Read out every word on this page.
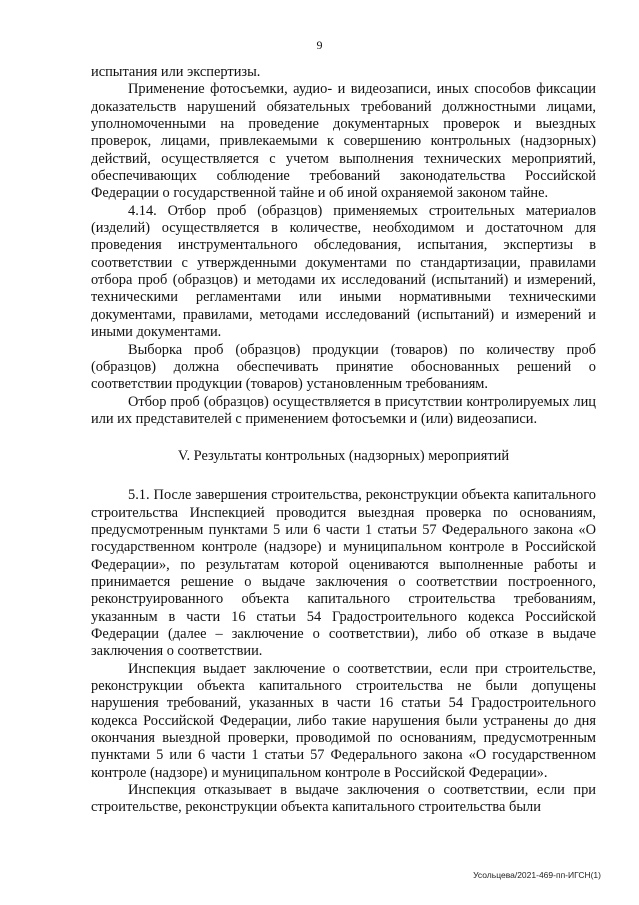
9

испытания или экспертизы.

Применение фотосъемки, аудио- и видеозаписи, иных способов фиксации доказательств нарушений обязательных требований должностными лицами, уполномоченными на проведение документарных проверок и выездных проверок, лицами, привлекаемыми к совершению контрольных (надзорных) действий, осуществляется с учетом выполнения технических мероприятий, обеспечивающих соблюдение требований законодательства Российской Федерации о государственной тайне и об иной охраняемой законом тайне.

4.14. Отбор проб (образцов) применяемых строительных материалов (изделий) осуществляется в количестве, необходимом и достаточном для проведения инструментального обследования, испытания, экспертизы в соответствии с утвержденными документами по стандартизации, правилами отбора проб (образцов) и методами их исследований (испытаний) и измерений, техническими регламентами или иными нормативными техническими документами, правилами, методами исследований (испытаний) и измерений и иными документами.

Выборка проб (образцов) продукции (товаров) по количеству проб (образцов) должна обеспечивать принятие обоснованных решений о соответствии продукции (товаров) установленным требованиям.

Отбор проб (образцов) осуществляется в присутствии контролируемых лиц или их представителей с применением фотосъемки и (или) видеозаписи.

V. Результаты контрольных (надзорных) мероприятий

5.1. После завершения строительства, реконструкции объекта капитального строительства Инспекцией проводится выездная проверка по основаниям, предусмотренным пунктами 5 или 6 части 1 статьи 57 Федерального закона «О государственном контроле (надзоре) и муниципальном контроле в Российской Федерации», по результатам которой оцениваются выполненные работы и принимается решение о выдаче заключения о соответствии построенного, реконструированного объекта капитального строительства требованиям, указанным в части 16 статьи 54 Градостроительного кодекса Российской Федерации (далее – заключение о соответствии), либо об отказе в выдаче заключения о соответствии.

Инспекция выдает заключение о соответствии, если при строительстве, реконструкции объекта капитального строительства не были допущены нарушения требований, указанных в части 16 статьи 54 Градостроительного кодекса Российской Федерации, либо такие нарушения были устранены до дня окончания выездной проверки, проводимой по основаниям, предусмотренным пунктами 5 или 6 части 1 статьи 57 Федерального закона «О государственном контроле (надзоре) и муниципальном контроле в Российской Федерации».

Инспекция отказывает в выдаче заключения о соответствии, если при строительстве, реконструкции объекта капитального строительства были

Усольцева/2021-469-пп-ИГСН(1)
